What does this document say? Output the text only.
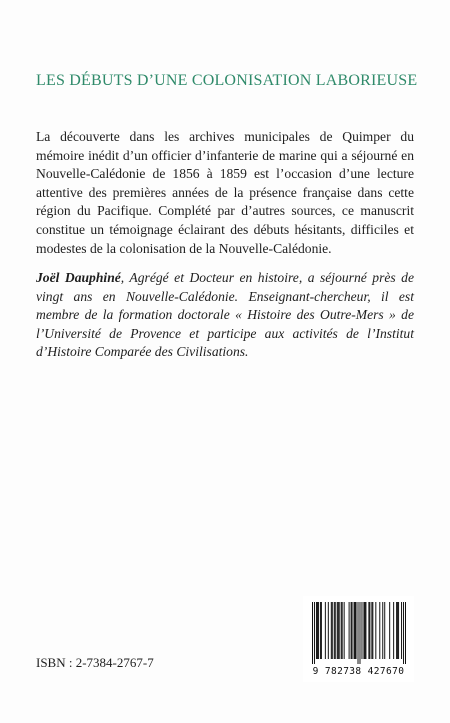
LES DÉBUTS D’UNE COLONISATION LABORIEUSE

La découverte dans les archives municipales de Quimper du mémoire inédit d’un officier d’infanterie de marine qui a séjourné en Nouvelle-Calédonie de 1856 à 1859 est l’occasion d’une lecture attentive des premières années de la présence française dans cette région du Pacifique. Complété par d’autres sources, ce manuscrit constitue un témoignage éclairant des débuts hésitants, difficiles et modestes de la colonisation de la Nouvelle-Calédonie.

Joël Dauphiné, Agrégé et Docteur en histoire, a séjourné près de vingt ans en Nouvelle-Calédonie. Enseignant-chercheur, il est membre de la formation doctorale « Histoire des Outre-Mers » de l’Université de Provence et participe aux activités de l’Institut d’Histoire Comparée des Civilisations.

ISBN : 2-7384-2767-7

9 782738 427670
